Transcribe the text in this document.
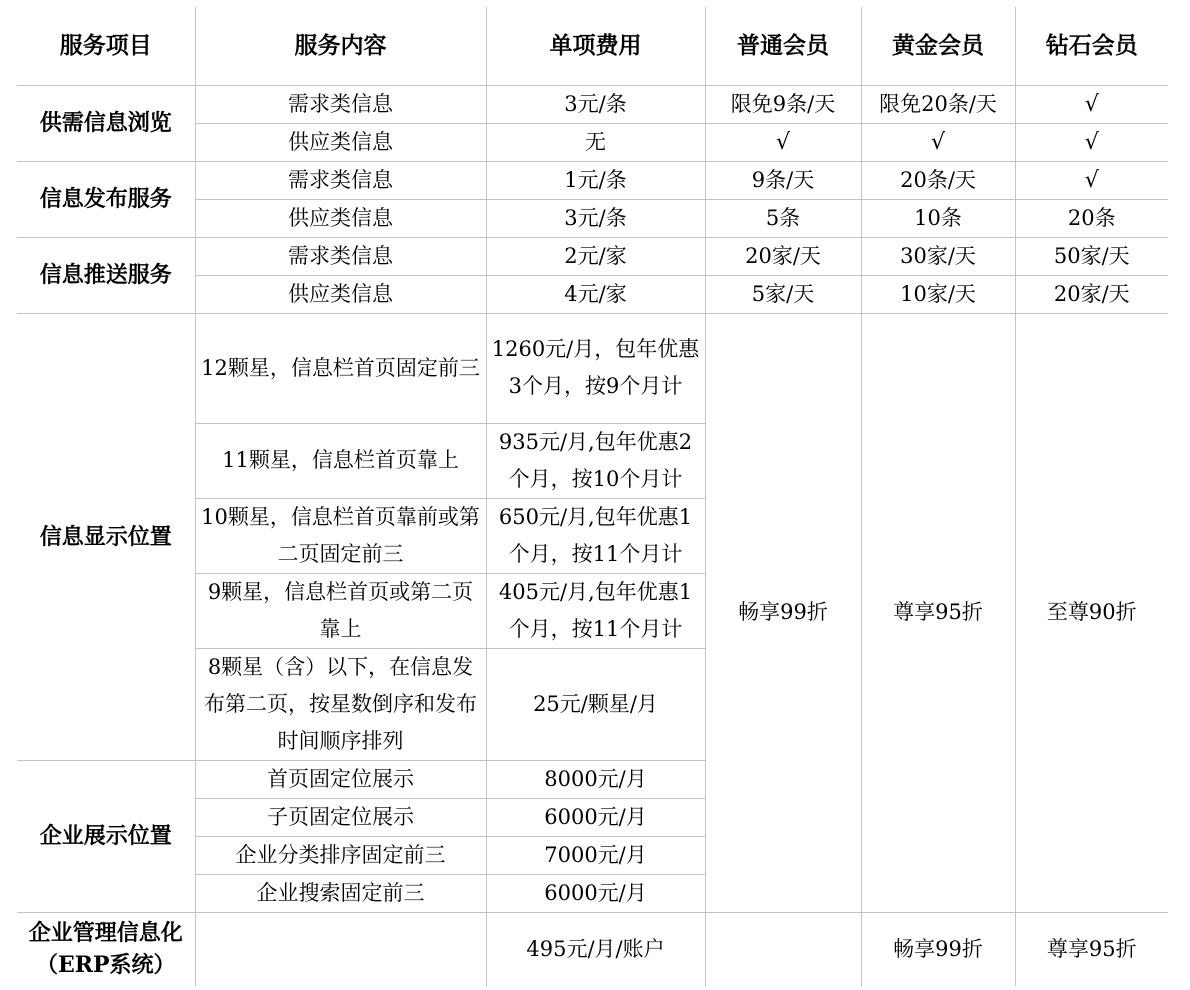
服务项目	服务内容	单项费用	普通会员	黄金会员	钻石会员
供需信息浏览	需求类信息	3元/条	限免9条/天	限免20条/天	√
	供应类信息	无	√	√	√
信息发布服务	需求类信息	1元/条	9条/天	20条/天	√
	供应类信息	3元/条	5条	10条	20条
信息推送服务	需求类信息	2元/家	20家/天	30家/天	50家/天
	供应类信息	4元/家	5家/天	10家/天	20家/天
信息显示位置	12颗星，信息栏首页固定前三	1260元/月，包年优惠3个月，按9个月计	畅享99折	尊享95折	至尊90折
	11颗星，信息栏首页靠上	935元/月,包年优惠2个月，按10个月计			
	10颗星，信息栏首页靠前或第二页固定前三	650元/月,包年优惠1个月，按11个月计			
	9颗星，信息栏首页或第二页靠上	405元/月,包年优惠1个月，按11个月计			
	8颗星（含）以下，在信息发布第二页，按星数倒序和发布时间顺序排列	25元/颗星/月			
企业展示位置	首页固定位展示	8000元/月			
	子页固定位展示	6000元/月			
	企业分类排序固定前三	7000元/月			
	企业搜索固定前三	6000元/月			
企业管理信息化（ERP系统）		495元/月/账户		畅享99折	尊享95折
